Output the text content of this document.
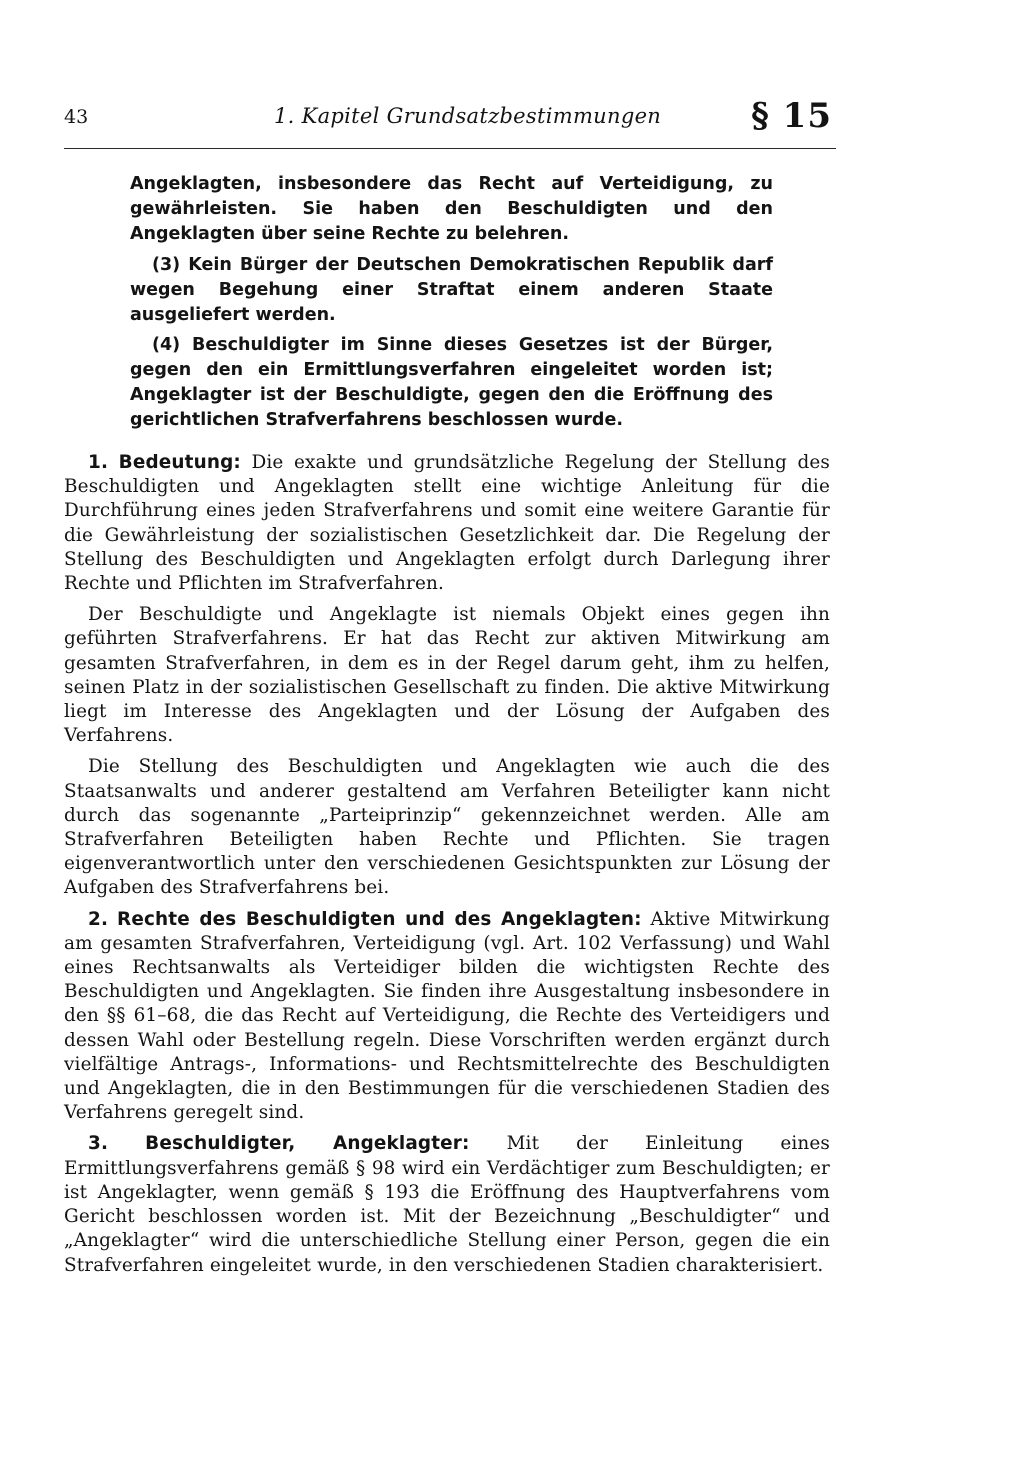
43	1. Kapitel Grundsatzbestimmungen	§ 15

Angeklagten, insbesondere das Recht auf Verteidigung, zu gewährleisten. Sie haben den Beschuldigten und den Angeklagten über seine Rechte zu belehren.

(3) Kein Bürger der Deutschen Demokratischen Republik darf wegen Begehung einer Straftat einem anderen Staate ausgeliefert werden.

(4) Beschuldigter im Sinne dieses Gesetzes ist der Bürger, gegen den ein Ermittlungsverfahren eingeleitet worden ist; Angeklagter ist der Beschuldigte, gegen den die Eröffnung des gerichtlichen Strafverfahrens beschlossen wurde.

1. Bedeutung: Die exakte und grundsätzliche Regelung der Stellung des Beschuldigten und Angeklagten stellt eine wichtige Anleitung für die Durchführung eines jeden Strafverfahrens und somit eine weitere Garantie für die Gewährleistung der sozialistischen Gesetzlichkeit dar. Die Regelung der Stellung des Beschuldigten und Angeklagten erfolgt durch Darlegung ihrer Rechte und Pflichten im Strafverfahren.

Der Beschuldigte und Angeklagte ist niemals Objekt eines gegen ihn geführten Strafverfahrens. Er hat das Recht zur aktiven Mitwirkung am gesamten Strafverfahren, in dem es in der Regel darum geht, ihm zu helfen, seinen Platz in der sozialistischen Gesellschaft zu finden. Die aktive Mitwirkung liegt im Interesse des Angeklagten und der Lösung der Aufgaben des Verfahrens.

Die Stellung des Beschuldigten und Angeklagten wie auch die des Staatsanwalts und anderer gestaltend am Verfahren Beteiligter kann nicht durch das sogenannte „Parteiprinzip“ gekennzeichnet werden. Alle am Strafverfahren Beteiligten haben Rechte und Pflichten. Sie tragen eigenverantwortlich unter den verschiedenen Gesichtspunkten zur Lösung der Aufgaben des Strafverfahrens bei.

2. Rechte des Beschuldigten und des Angeklagten: Aktive Mitwirkung am gesamten Strafverfahren, Verteidigung (vgl. Art. 102 Verfassung) und Wahl eines Rechtsanwalts als Verteidiger bilden die wichtigsten Rechte des Beschuldigten und Angeklagten. Sie finden ihre Ausgestaltung insbesondere in den §§ 61–68, die das Recht auf Verteidigung, die Rechte des Verteidigers und dessen Wahl oder Bestellung regeln. Diese Vorschriften werden ergänzt durch vielfältige Antrags-, Informations- und Rechtsmittelrechte des Beschuldigten und Angeklagten, die in den Bestimmungen für die verschiedenen Stadien des Verfahrens geregelt sind.

3. Beschuldigter, Angeklagter: Mit der Einleitung eines Ermittlungsverfahrens gemäß § 98 wird ein Verdächtiger zum Beschuldigten; er ist Angeklagter, wenn gemäß § 193 die Eröffnung des Hauptverfahrens vom Gericht beschlossen worden ist. Mit der Bezeichnung „Beschuldigter“ und „Angeklagter“ wird die unterschiedliche Stellung einer Person, gegen die ein Strafverfahren eingeleitet wurde, in den verschiedenen Stadien charakterisiert.
